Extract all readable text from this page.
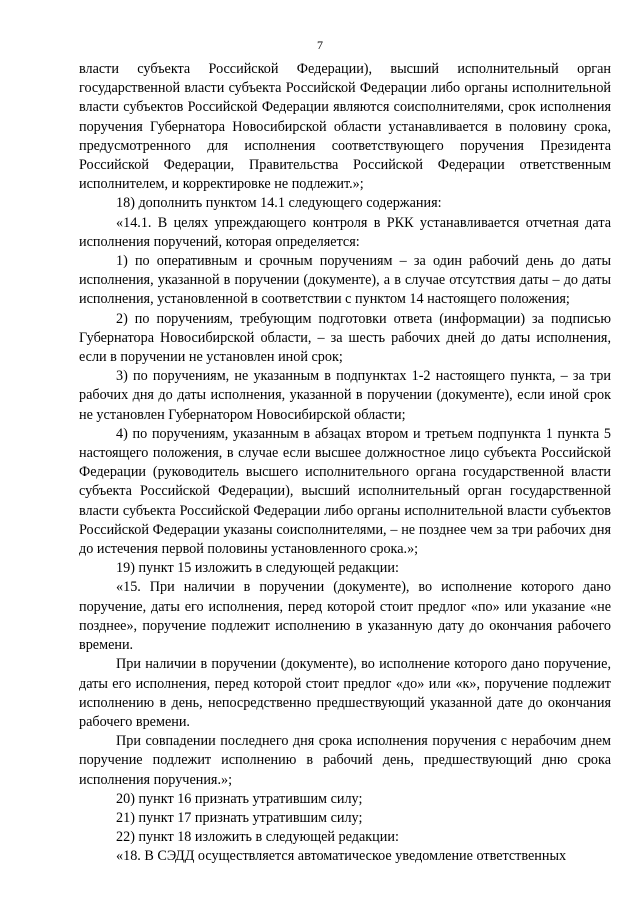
7

власти субъекта Российской Федерации), высший исполнительный орган государственной власти субъекта Российской Федерации либо органы исполнительной власти субъектов Российской Федерации являются соисполнителями, срок исполнения поручения Губернатора Новосибирской области устанавливается в половину срока, предусмотренного для исполнения соответствующего поручения Президента Российской Федерации, Правительства Российской Федерации ответственным исполнителем, и корректировке не подлежит.»;

18) дополнить пунктом 14.1 следующего содержания:

«14.1. В целях упреждающего контроля в РКК устанавливается отчетная дата исполнения поручений, которая определяется:

1) по оперативным и срочным поручениям – за один рабочий день до даты исполнения, указанной в поручении (документе), а в случае отсутствия даты – до даты исполнения, установленной в соответствии с пунктом 14 настоящего положения;

2) по поручениям, требующим подготовки ответа (информации) за подписью Губернатора Новосибирской области, – за шесть рабочих дней до даты исполнения, если в поручении не установлен иной срок;

3) по поручениям, не указанным в подпунктах 1-2 настоящего пункта, – за три рабочих дня до даты исполнения, указанной в поручении (документе), если иной срок не установлен Губернатором Новосибирской области;

4) по поручениям, указанным в абзацах втором и третьем подпункта 1 пункта 5 настоящего положения, в случае если высшее должностное лицо субъекта Российской Федерации (руководитель высшего исполнительного органа государственной власти субъекта Российской Федерации), высший исполнительный орган государственной власти субъекта Российской Федерации либо органы исполнительной власти субъектов Российской Федерации указаны соисполнителями, – не позднее чем за три рабочих дня до истечения первой половины установленного срока.»;

19) пункт 15 изложить в следующей редакции:

«15. При наличии в поручении (документе), во исполнение которого дано поручение, даты его исполнения, перед которой стоит предлог «по» или указание «не позднее», поручение подлежит исполнению в указанную дату до окончания рабочего времени.

При наличии в поручении (документе), во исполнение которого дано поручение, даты его исполнения, перед которой стоит предлог «до» или «к», поручение подлежит исполнению в день, непосредственно предшествующий указанной дате до окончания рабочего времени.

При совпадении последнего дня срока исполнения поручения с нерабочим днем поручение подлежит исполнению в рабочий день, предшествующий дню срока исполнения поручения.»;

20) пункт 16 признать утратившим силу;

21) пункт 17 признать утратившим силу;

22) пункт 18 изложить в следующей редакции:

«18. В СЭДД осуществляется автоматическое уведомление ответственных
